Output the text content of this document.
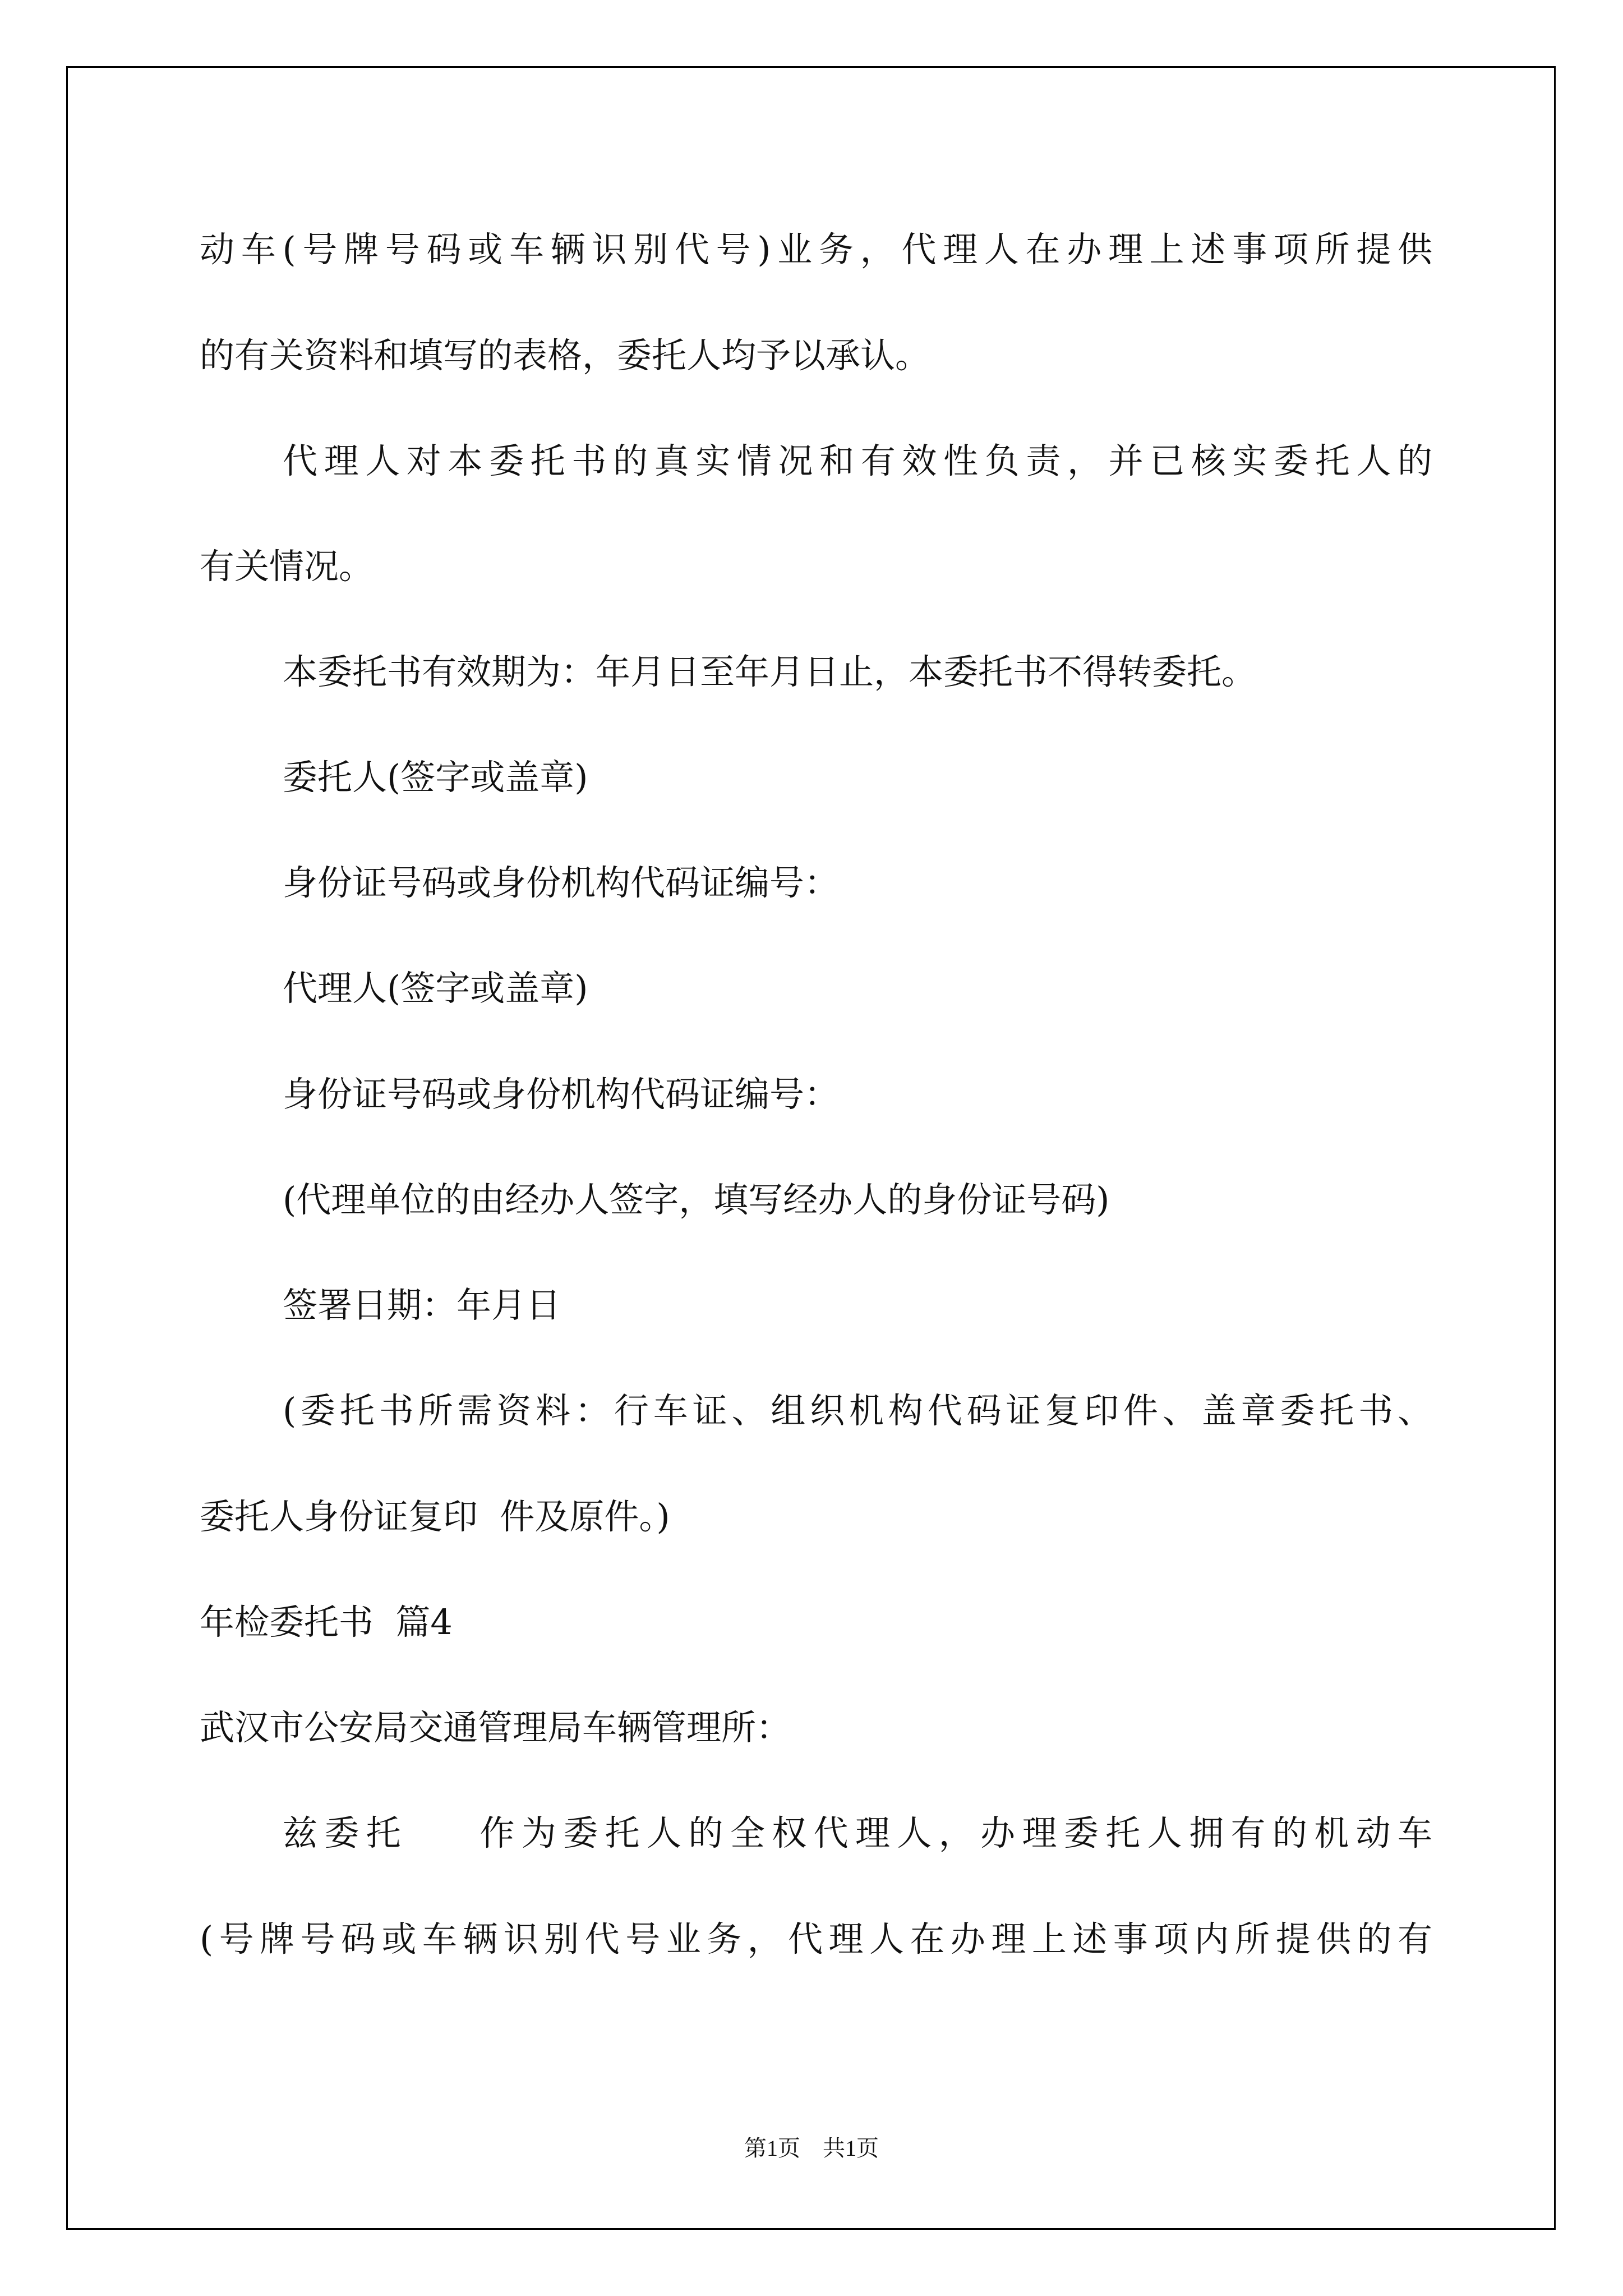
动车(号牌号码或车辆识别代号)业务，代理人在办理上述事项所提供
的有关资料和填写的表格，委托人均予以承认。
代理人对本委托书的真实情况和有效性负责，并已核实委托人的
有关情况。
本委托书有效期为：年月日至年月日止，本委托书不得转委托。
委托人(签字或盖章)
身份证号码或身份机构代码证编号：
代理人(签字或盖章)
身份证号码或身份机构代码证编号：
(代理单位的由经办人签字，填写经办人的身份证号码)
签署日期：年月日
(委托书所需资料：行车证、组织机构代码证复印件、盖章委托书、
委托人身份证复印  件及原件。)
年检委托书  篇4
武汉市公安局交通管理局车辆管理所：
兹委托    作为委托人的全权代理人，办理委托人拥有的机动车
(号牌号码或车辆识别代号业务，代理人在办理上述事项内所提供的有
第1页    共1页
